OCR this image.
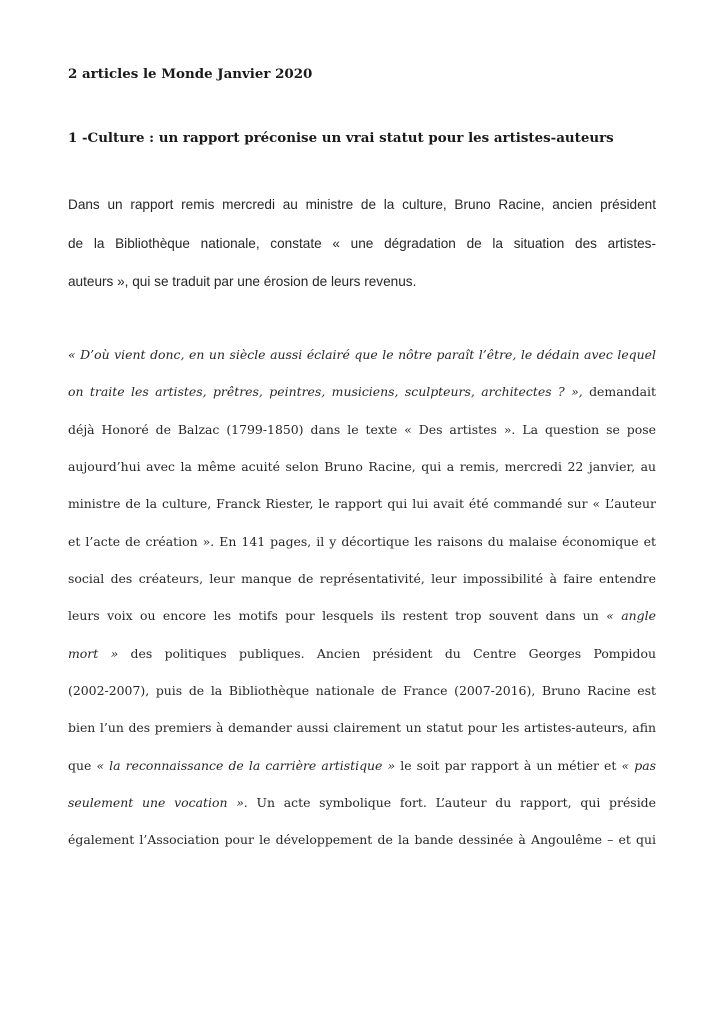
2 articles le Monde Janvier 2020
1 -Culture : un rapport préconise un vrai statut pour les artistes-auteurs

Dans un rapport remis mercredi au ministre de la culture, Bruno Racine, ancien président
de la Bibliothèque nationale, constate « une dégradation de la situation des artistes-
auteurs », qui se traduit par une érosion de leurs revenus.

« D’où vient donc, en un siècle aussi éclairé que le nôtre paraît l’être, le dédain avec lequel
on traite les artistes, prêtres, peintres, musiciens, sculpteurs, architectes ? », demandait
déjà Honoré de Balzac (1799-1850) dans le texte « Des artistes ». La question se pose
aujourd’hui avec la même acuité selon Bruno Racine, qui a remis, mercredi 22 janvier, au
ministre de la culture, Franck Riester, le rapport qui lui avait été commandé sur « L’auteur
et l’acte de création ». En 141 pages, il y décortique les raisons du malaise économique et
social des créateurs, leur manque de représentativité, leur impossibilité à faire entendre
leurs voix ou encore les motifs pour lesquels ils restent trop souvent dans un « angle
mort » des politiques publiques. Ancien président du Centre Georges Pompidou
(2002-2007), puis de la Bibliothèque nationale de France (2007-2016), Bruno Racine est
bien l’un des premiers à demander aussi clairement un statut pour les artistes-auteurs, afin
que « la reconnaissance de la carrière artistique » le soit par rapport à un métier et « pas
seulement une vocation ». Un acte symbolique fort. L’auteur du rapport, qui préside
également l’Association pour le développement de la bande dessinée à Angoulême – et qui
